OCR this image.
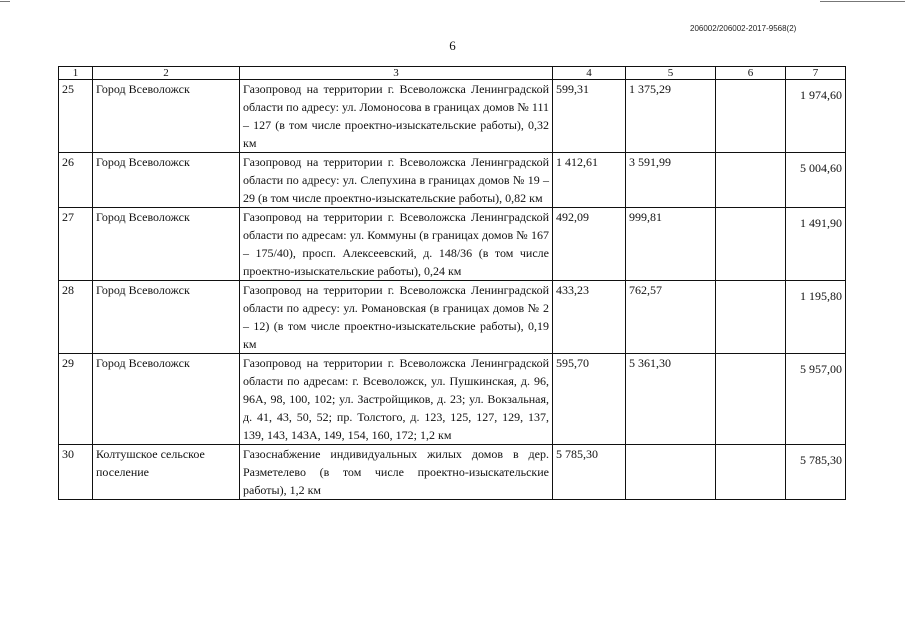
206002/206002-2017-9568(2)
6
1	2	3	4	5	6	7
25	Город Всеволожск	Газопровод на территории г. Всеволожска Ленинградской области по адресу: ул. Ломоносова в границах домов № 111 – 127 (в том числе проектно-изыскательские работы), 0,32 км	599,31	1 375,29		1 974,60
26	Город Всеволожск	Газопровод на территории г. Всеволожска Ленинградской области по адресу: ул. Слепухина в границах домов № 19 – 29 (в том числе проектно-изыскательские работы), 0,82 км	1 412,61	3 591,99		5 004,60
27	Город Всеволожск	Газопровод на территории г. Всеволожска Ленинградской области по адресам: ул. Коммуны (в границах домов № 167 – 175/40), просп. Алексеевский, д. 148/36 (в том числе проектно-изыскательские работы), 0,24 км	492,09	999,81		1 491,90
28	Город Всеволожск	Газопровод на территории г. Всеволожска Ленинградской области по адресу: ул. Романовская (в границах домов № 2 – 12) (в том числе проектно-изыскательские работы), 0,19 км	433,23	762,57		1 195,80
29	Город Всеволожск	Газопровод на территории г. Всеволожска Ленинградской области по адресам: г. Всеволожск, ул. Пушкинская, д. 96, 96А, 98, 100, 102; ул. Застройщиков, д. 23; ул. Вокзальная, д. 41, 43, 50, 52; пр. Толстого, д. 123, 125, 127, 129, 137, 139, 143, 143А, 149, 154, 160, 172; 1,2 км	595,70	5 361,30		5 957,00
30	Колтушское сельское поселение	Газоснабжение индивидуальных жилых домов в дер. Разметелево (в том числе проектно-изыскательские работы), 1,2 км	5 785,30			5 785,30
